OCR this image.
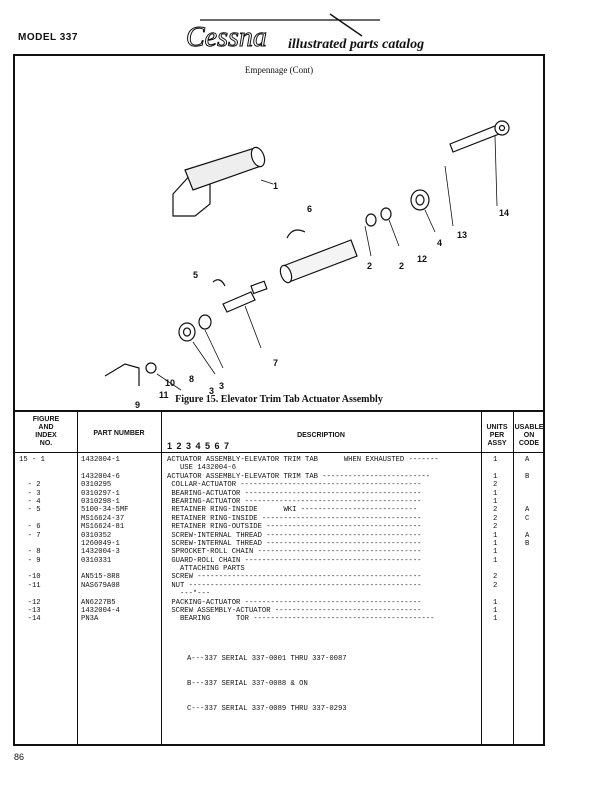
MODEL 337	Cessna illustrated parts catalog
Empennage (Cont)
1
2
3
4
5
6
7
8
9
10
11
12
13
14
2
3
Figure 15. Elevator Trim Tab Actuator Assembly
FIGURE
AND
INDEX
NO.
PART NUMBER	DESCRIPTION
1 2 3 4 5 6 7
UNITS
PER
ASSY
USABLE
ON
CODE
15 - 1	1432004-1	ACTUATOR ASSEMBLY-ELEVATOR TRIM TAB      WHEN EXHAUSTED -------	1	A
USE 1432004-6
1432004-6	ACTUATOR ASSEMBLY-ELEVATOR TRIM TAB -------------------------	1	B
- 2	0310295	COLLAR-ACTUATOR ------------------------------------------	2
- 3	0310297-1	BEARING-ACTUATOR -----------------------------------------	1
- 4	0310298-1	BEARING-ACTUATOR -----------------------------------------	1
- 5	5100-34-5MF	RETAINER RING-INSIDE      WKI ---------------------------	2	A
MS16624-37	RETAINER RING-INSIDE -------------------------------------	2	C
- 6	MS16624-81	RETAINER RING-OUTSIDE ------------------------------------	2
- 7	0310352	SCREW-INTERNAL THREAD ------------------------------------	1	A
1260049-1	SCREW-INTERNAL THREAD ------------------------------------	1	B
- 8	1432004-3	SPROCKET-ROLL CHAIN --------------------------------------	1
- 9	0310331	GUARD-ROLL CHAIN -----------------------------------------	1
ATTACHING PARTS
-10	AN515-8R8	SCREW ----------------------------------------------------	2
-11	NAS679A08	NUT ------------------------------------------------------	2
---*---
-12	AN6227B5	PACKING-ACTUATOR -----------------------------------------	1
-13	1432004-4	SCREW ASSEMBLY-ACTUATOR ----------------------------------	1
-14	PN3A	BEARING      TOR ------------------------------------------	1

A---337 SERIAL 337-0001 THRU 337-0087

B---337 SERIAL 337-0088 & ON

C---337 SERIAL 337-0089 THRU 337-0293

86
